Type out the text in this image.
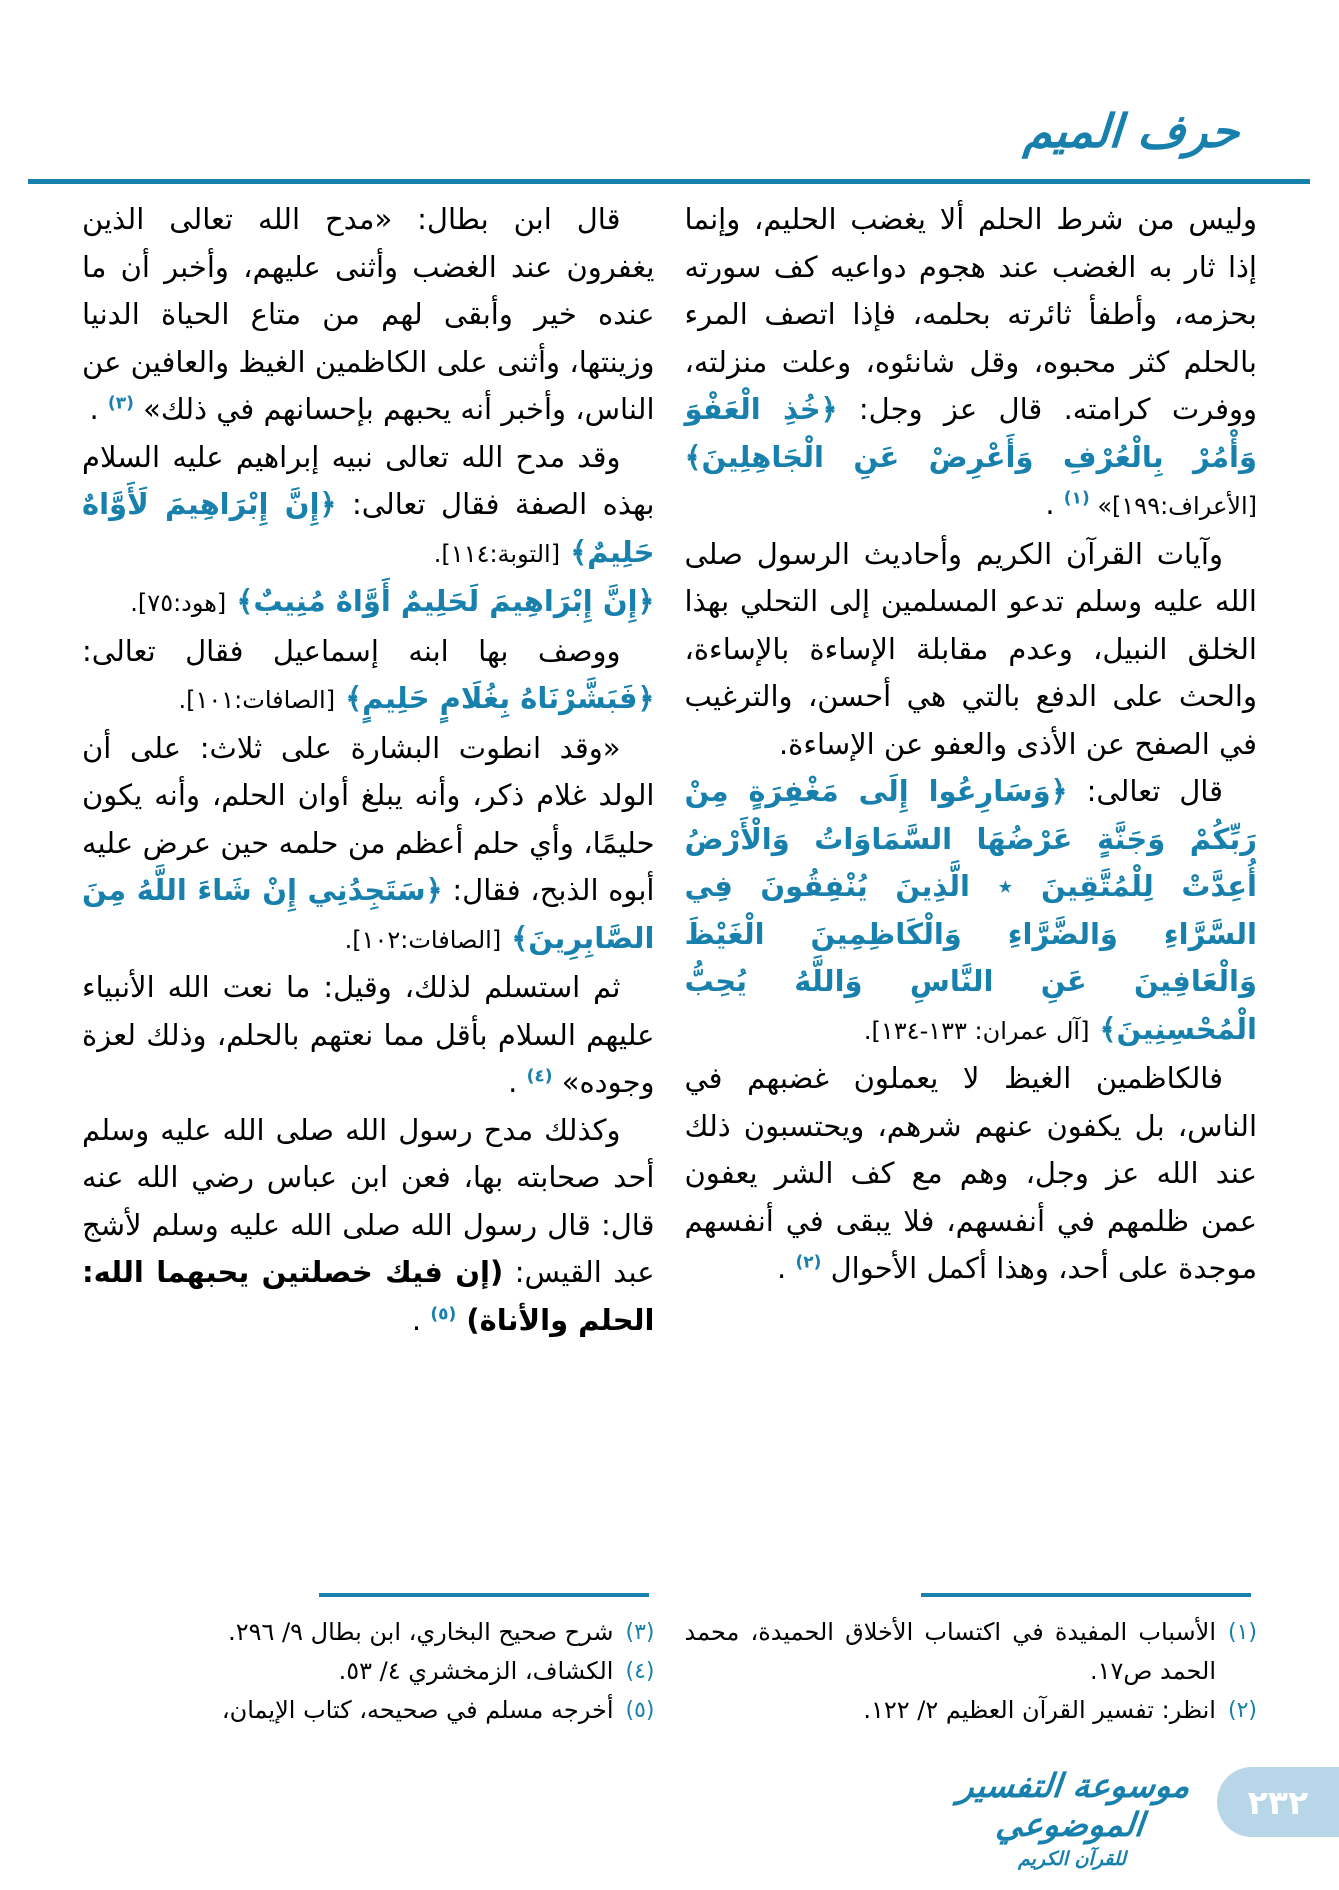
حرف الميم

وليس من شرط الحلم ألا يغضب الحليم، وإنما إذا ثار به الغضب عند هجوم دواعيه كف سورته بحزمه، وأطفأ ثائرته بحلمه، فإذا اتصف المرء بالحلم كثر محبوه، وقل شانئوه، وعلت منزلته، ووفرت كرامته. قال عز وجل: ﴿خُذِ الْعَفْوَ وَأْمُرْ بِالْعُرْفِ وَأَعْرِضْ عَنِ الْجَاهِلِينَ﴾ [الأعراف:١٩٩]» $^{(١)}$ .

وآيات القرآن الكريم وأحاديث الرسول صلى الله عليه وسلم تدعو المسلمين إلى التحلي بهذا الخلق النبيل، وعدم مقابلة الإساءة بالإساءة، والحث على الدفع بالتي هي أحسن، والترغيب في الصفح عن الأذى والعفو عن الإساءة.

قال تعالى: ﴿وَسَارِعُوا إِلَى مَغْفِرَةٍ مِنْ رَبِّكُمْ وَجَنَّةٍ عَرْضُهَا السَّمَاوَاتُ وَالْأَرْضُ أُعِدَّتْ لِلْمُتَّقِينَ ٭ الَّذِينَ يُنْفِقُونَ فِي السَّرَّاءِ وَالضَّرَّاءِ وَالْكَاظِمِينَ الْغَيْظَ وَالْعَافِينَ عَنِ النَّاسِ وَاللَّهُ يُحِبُّ الْمُحْسِنِينَ﴾ [آل عمران: ١٣٣-١٣٤].

فالكاظمين الغيظ لا يعملون غضبهم في الناس، بل يكفون عنهم شرهم، ويحتسبون ذلك عند الله عز وجل، وهم مع كف الشر يعفون عمن ظلمهم في أنفسهم، فلا يبقى في أنفسهم موجدة على أحد، وهذا أكمل الأحوال $^{(٢)}$ .

(١)
الأسباب المفيدة في اكتساب الأخلاق الحميدة، محمد الحمد ص١٧.
(٢)
انظر: تفسير القرآن العظيم ٢/ ١٢٢.

قال ابن بطال: «مدح الله تعالى الذين يغفرون عند الغضب وأثنى عليهم، وأخبر أن ما عنده خير وأبقى لهم من متاع الحياة الدنيا وزينتها، وأثنى على الكاظمين الغيظ والعافين عن الناس، وأخبر أنه يحبهم بإحسانهم في ذلك» $^{(٣)}$ .

وقد مدح الله تعالى نبيه إبراهيم عليه السلام بهذه الصفة فقال تعالى: ﴿إِنَّ إِبْرَاهِيمَ لَأَوَّاهٌ حَلِيمٌ﴾ [التوبة:١١٤].

﴿إِنَّ إِبْرَاهِيمَ لَحَلِيمٌ أَوَّاهٌ مُنِيبٌ﴾ [هود:٧٥].

ووصف بها ابنه إسماعيل فقال تعالى: ﴿فَبَشَّرْنَاهُ بِغُلَامٍ حَلِيمٍ﴾ [الصافات:١٠١].

«وقد انطوت البشارة على ثلاث: على أن الولد غلام ذكر، وأنه يبلغ أوان الحلم، وأنه يكون حليمًا، وأي حلم أعظم من حلمه حين عرض عليه أبوه الذبح، فقال: ﴿سَتَجِدُنِي إِنْ شَاءَ اللَّهُ مِنَ الصَّابِرِينَ﴾ [الصافات:١٠٢].

ثم استسلم لذلك، وقيل: ما نعت الله الأنبياء عليهم السلام بأقل مما نعتهم بالحلم، وذلك لعزة وجوده» $^{(٤)}$ .

وكذلك مدح رسول الله صلى الله عليه وسلم أحد صحابته بها، فعن ابن عباس رضي الله عنه قال: قال رسول الله صلى الله عليه وسلم لأشج عبد القيس: (إن فيك خصلتين يحبهما الله: الحلم والأناة) $^{(٥)}$ .

(٣)
شرح صحيح البخاري، ابن بطال ٩/ ٢٩٦.
(٤)
الكشاف، الزمخشري ٤/ ٥٣.
(٥)
أخرجه مسلم في صحيحه، كتاب الإيمان،
موسوعة التفسير الموضوعي
للقرآن الكريم
٢٣٢
